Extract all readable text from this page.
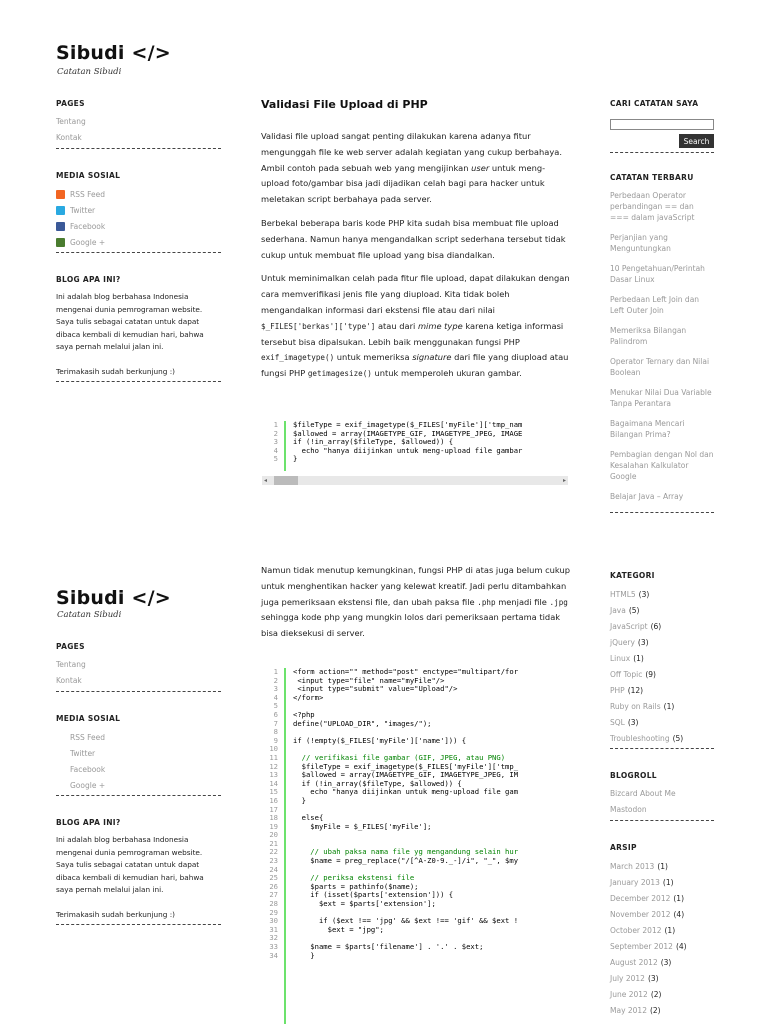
Sibudi </>
Catatan Sibudi
PAGES
Tentang
Kontak
MEDIA SOSIAL
RSS Feed
Twitter
Facebook
Google +
BLOG APA INI?
Ini adalah blog berbahasa Indonesia mengenai dunia pemrograman website. Saya tulis sebagai catatan untuk dapat dibaca kembali di kemudian hari, bahwa saya pernah melalui jalan ini.
Terimakasih sudah berkunjung :)
Validasi File Upload di PHP

Validasi file upload sangat penting dilakukan karena adanya fitur mengunggah file ke web server adalah kegiatan yang cukup berbahaya. Ambil contoh pada sebuah web yang mengijinkan user untuk meng-upload foto/gambar bisa jadi dijadikan celah bagi para hacker untuk meletakan script berbahaya pada server.

Berbekal beberapa baris kode PHP kita sudah bisa membuat file upload sederhana. Namun hanya mengandalkan script sederhana tersebut tidak cukup untuk membuat file upload yang bisa diandalkan.

Untuk meminimalkan celah pada fitur file upload, dapat dilakukan dengan cara memverifikasi jenis file yang diupload. Kita tidak boleh mengandalkan informasi dari ekstensi file atau dari nilai $_FILES['berkas']['type'] atau dari mime type karena ketiga informasi tersebut bisa dipalsukan. Lebih baik menggunakan fungsi PHP exif_imagetype() untuk memeriksa signature dari file yang diupload atau fungsi PHP getimagesize() untuk memperoleh ukuran gambar.

1
2
3
4
5
$fileType = exif_imagetype($_FILES['myFile']['tmp_nam
$allowed = array(IMAGETYPE_GIF, IMAGETYPE_JPEG, IMAGE
if (!in_array($fileType, $allowed)) {
echo "hanya diijinkan untuk meng-upload file gambar
}
◂	▸
CARI CATATAN SAYA
Search
CATATAN TERBARU
Perbedaan Operator perbandingan == dan === dalam javaScript
Perjanjian yang Menguntungkan
10 Pengetahuan/Perintah Dasar Linux
Perbedaan Left Join dan Left Outer Join
Memeriksa Bilangan Palindrom
Operator Ternary dan Nilai Boolean
Menukar Nilai Dua Variable Tanpa Perantara
Bagaimana Mencari Bilangan Prima?
Pembagian dengan Nol dan Kesalahan Kalkulator Google
Belajar Java – Array
Sibudi </>
Catatan Sibudi
PAGES
Tentang
Kontak
MEDIA SOSIAL
RSS Feed
Twitter
Facebook
Google +
BLOG APA INI?
Ini adalah blog berbahasa Indonesia mengenai dunia pemrograman website. Saya tulis sebagai catatan untuk dapat dibaca kembali di kemudian hari, bahwa saya pernah melalui jalan ini.
Terimakasih sudah berkunjung :)

Namun tidak menutup kemungkinan, fungsi PHP di atas juga belum cukup untuk menghentikan hacker yang kelewat kreatif. Jadi perlu ditambahkan juga pemeriksaan ekstensi file, dan ubah paksa file .php menjadi file .jpg sehingga kode php yang mungkin lolos dari pemeriksaan pertama tidak bisa dieksekusi di server.

1
2
3
4
5
6
7
8
9
10
11
12
13
14
15
16
17
18
19
20
21
22
23
24
25
26
27
28
29
30
31
32
33
34
<form action="" method="post" enctype="multipart/for
<input type="file" name="myFile"/>
<input type="submit" value="Upload"/>
</form>
<?php
define("UPLOAD_DIR", "images/");
if (!empty($_FILES['myFile']['name'])) {
// verifikasi file gambar (GIF, JPEG, atau PNG)
$fileType = exif_imagetype($_FILES['myFile']['tmp_
$allowed = array(IMAGETYPE_GIF, IMAGETYPE_JPEG, IM
if (!in_array($fileType, $allowed)) {
echo "hanya diijinkan untuk meng-upload file gam
}
else{
$myFile = $_FILES['myFile'];
// ubah paksa nama file yg mengandung selain hur
$name = preg_replace("/[^A-Z0-9._-]/i", "_", $my
// periksa ekstensi file
$parts = pathinfo($name);
if (isset($parts['extension'])) {
$ext = $parts['extension'];
if ($ext !== 'jpg' && $ext !== 'gif' && $ext !
$ext = "jpg";
$name = $parts['filename'] . '.' . $ext;
}
KATEGORI
HTML5 (3)
Java (5)
JavaScript (6)
jQuery (3)
Linux (1)
Off Topic (9)
PHP (12)
Ruby on Rails (1)
SQL (3)
Troubleshooting (5)
BLOGROLL
Bizcard About Me
Mastodon
ARSIP
March 2013 (1)
January 2013 (1)
December 2012 (1)
November 2012 (4)
October 2012 (1)
September 2012 (4)
August 2012 (3)
July 2012 (3)
June 2012 (2)
May 2012 (2)
